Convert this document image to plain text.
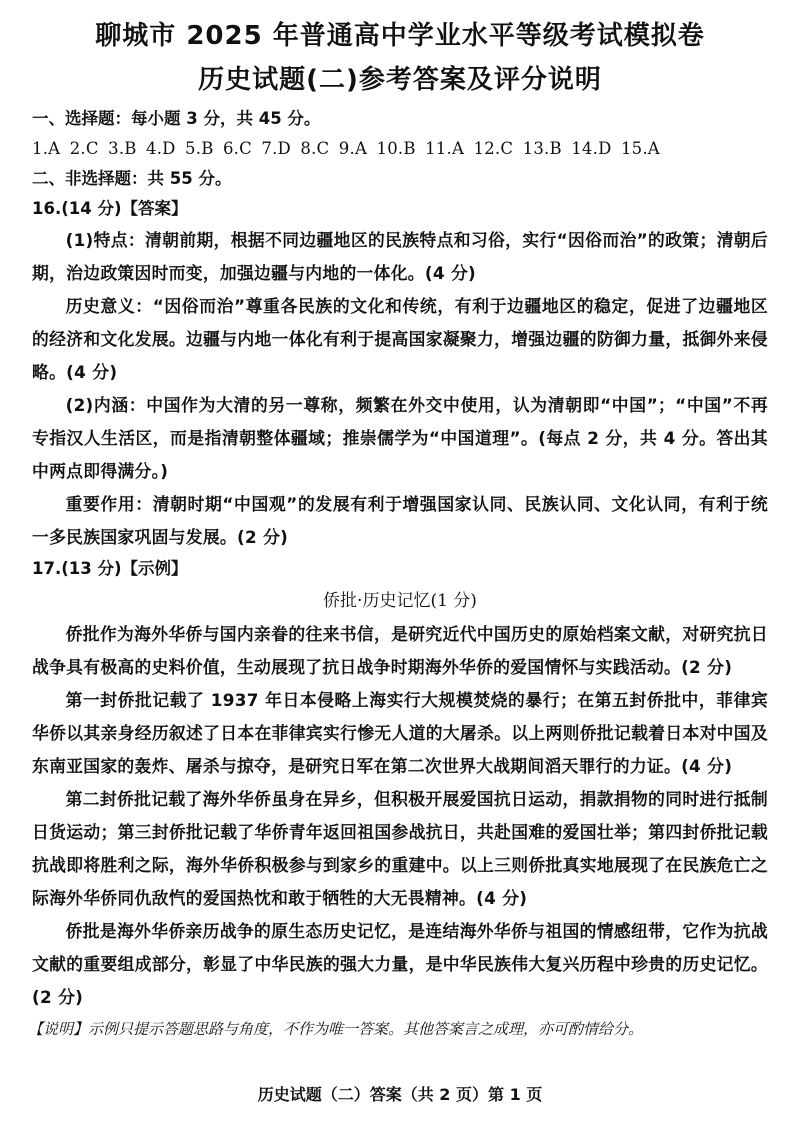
聊城市 2025 年普通高中学业水平等级考试模拟卷
历史试题(二)参考答案及评分说明
一、选择题：每小题 3 分，共 45 分。
1.A 2.C 3.B 4.D 5.B 6.C 7.D 8.C 9.A 10.B 11.A 12.C 13.B 14.D 15.A
二、非选择题：共 55 分。
16.(14 分)【答案】

(1)特点：清朝前期，根据不同边疆地区的民族特点和习俗，实行“因俗而治”的政策；清朝后期，治边政策因时而变，加强边疆与内地的一体化。(4 分)

历史意义：“因俗而治”尊重各民族的文化和传统，有利于边疆地区的稳定，促进了边疆地区的经济和文化发展。边疆与内地一体化有利于提高国家凝聚力，增强边疆的防御力量，抵御外来侵略。(4 分)

(2)内涵：中国作为大清的另一尊称，频繁在外交中使用，认为清朝即“中国”；“中国”不再专指汉人生活区，而是指清朝整体疆域；推崇儒学为“中国道理”。(每点 2 分，共 4 分。答出其中两点即得满分。)

重要作用：清朝时期“中国观”的发展有利于增强国家认同、民族认同、文化认同，有利于统一多民族国家巩固与发展。(2 分)

17.(13 分)【示例】
侨批·历史记忆(1 分)

侨批作为海外华侨与国内亲眷的往来书信，是研究近代中国历史的原始档案文献，对研究抗日战争具有极高的史料价值，生动展现了抗日战争时期海外华侨的爱国情怀与实践活动。(2 分)

第一封侨批记载了 1937 年日本侵略上海实行大规模焚烧的暴行；在第五封侨批中，菲律宾华侨以其亲身经历叙述了日本在菲律宾实行惨无人道的大屠杀。以上两则侨批记载着日本对中国及东南亚国家的轰炸、屠杀与掠夺，是研究日军在第二次世界大战期间滔天罪行的力证。(4 分)

第二封侨批记载了海外华侨虽身在异乡，但积极开展爱国抗日运动，捐款捐物的同时进行抵制日货运动；第三封侨批记载了华侨青年返回祖国参战抗日，共赴国难的爱国壮举；第四封侨批记载抗战即将胜利之际，海外华侨积极参与到家乡的重建中。以上三则侨批真实地展现了在民族危亡之际海外华侨同仇敌忾的爱国热忱和敢于牺牲的大无畏精神。(4 分)

侨批是海外华侨亲历战争的原生态历史记忆，是连结海外华侨与祖国的情感纽带，它作为抗战文献的重要组成部分，彰显了中华民族的强大力量，是中华民族伟大复兴历程中珍贵的历史记忆。(2 分)

【说明】示例只提示答题思路与角度，不作为唯一答案。其他答案言之成理，亦可酌情给分。
历史试题（二）答案（共 2 页）第 1 页
